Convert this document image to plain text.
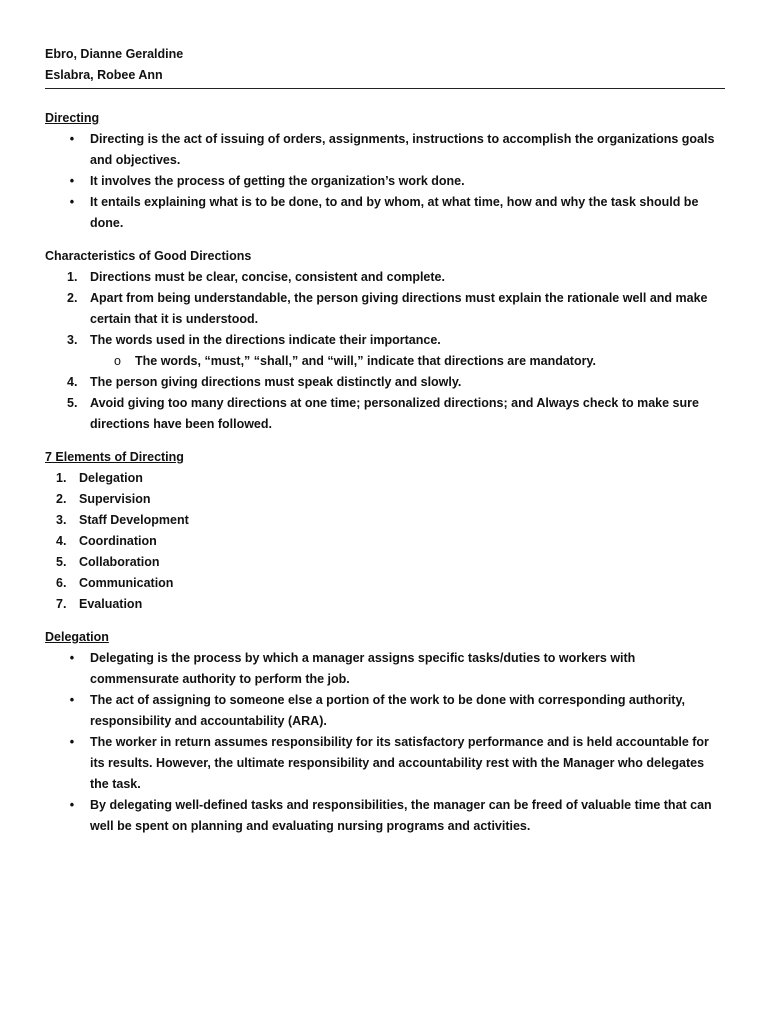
Ebro, Dianne Geraldine
Eslabra, Robee Ann
Directing
• Directing is the act of issuing of orders, assignments, instructions to accomplish the organizations goals and objectives.
• It involves the process of getting the organization’s work done.
• It entails explaining what is to be done, to and by whom, at what time, how and why the task should be done.
Characteristics of Good Directions
1.	Directions must be clear, concise, consistent and complete.
2.	Apart from being understandable, the person giving directions must explain the rationale well and make certain that it is understood.
3.	The words used in the directions indicate their importance.
o	The words, “must,” “shall,” and “will,” indicate that directions are mandatory.
4.	The person giving directions must speak distinctly and slowly.
5.	Avoid giving too many directions at one time; personalized directions; and Always check to make sure directions have been followed.
7 Elements of Directing
1.	Delegation
2.	Supervision
3.	Staff Development
4.	Coordination
5.	Collaboration
6.	Communication
7.	Evaluation
Delegation
• Delegating is the process by which a manager assigns specific tasks/duties to workers with commensurate authority to perform the job.
• The act of assigning to someone else a portion of the work to be done with corresponding authority, responsibility and accountability (ARA).
• The worker in return assumes responsibility for its satisfactory performance and is held accountable for its results. However, the ultimate responsibility and accountability rest with the Manager who delegates the task.
• By delegating well-defined tasks and responsibilities, the manager can be freed of valuable time that can well be spent on planning and evaluating nursing programs and activities.
